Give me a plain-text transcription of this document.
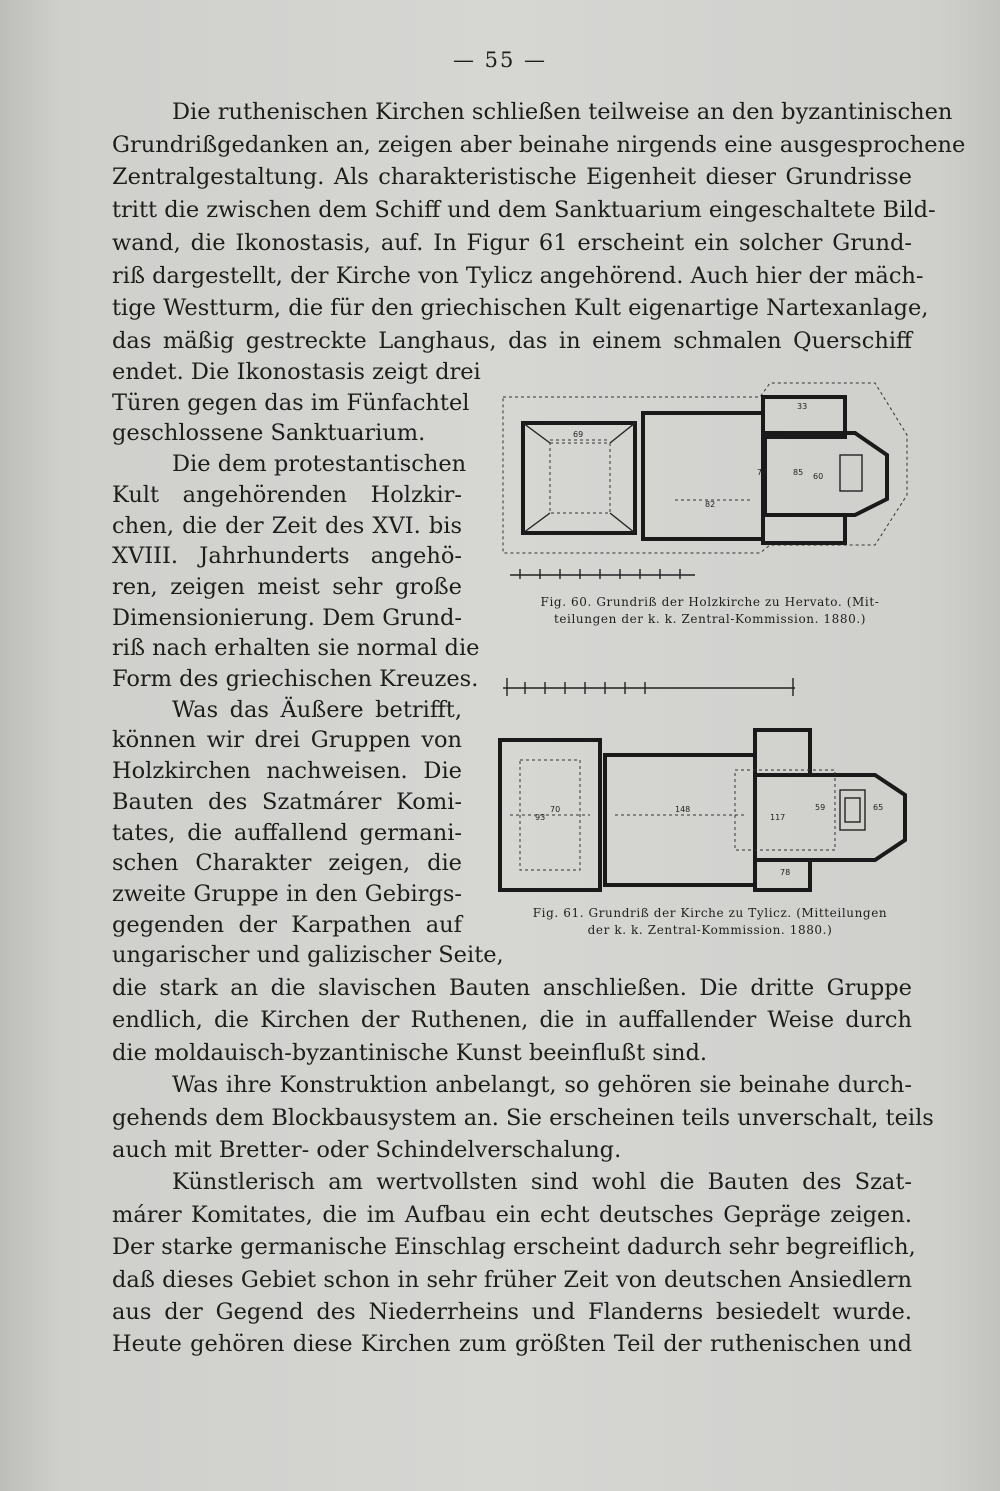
— 55 —
Die ruthenischen Kirchen schließen teilweise an den byzantinischen
Grundrißgedanken an, zeigen aber beinahe nirgends eine ausgesprochene
Zentralgestaltung. Als charakteristische Eigenheit dieser Grundrisse
tritt die zwischen dem Schiff und dem Sanktuarium eingeschaltete Bild-
wand, die Ikonostasis, auf. In Figur 61 erscheint ein solcher Grund-
riß dargestellt, der Kirche von Tylicz angehörend. Auch hier der mäch-
tige Westturm, die für den griechischen Kult eigenartige Nartexanlage,
das mäßig gestreckte Langhaus, das in einem schmalen Querschiff
endet. Die Ikonostasis zeigt drei
Türen gegen das im Fünfachtel
geschlossene Sanktuarium.
Die dem protestantischen
Kult angehörenden Holzkir-
chen, die der Zeit des XVI. bis
XVIII. Jahrhunderts angehö-
ren, zeigen meist sehr große
Dimensionierung. Dem Grund-
riß nach erhalten sie normal die
Form des griechischen Kreuzes.
Was das Äußere betrifft,
können wir drei Gruppen von
Holzkirchen nachweisen. Die
Bauten des Szatmárer Komi-
tates, die auffallend germani-
schen Charakter zeigen, die
zweite Gruppe in den Gebirgs-
gegenden der Karpathen auf
ungarischer und galizischer Seite,
die stark an die slavischen Bauten anschließen. Die dritte Gruppe
endlich, die Kirchen der Ruthenen, die in auffallender Weise durch
die moldauisch-byzantinische Kunst beeinflußt sind.
Was ihre Konstruktion anbelangt, so gehören sie beinahe durch-
gehends dem Blockbausystem an. Sie erscheinen teils unverschalt, teils
auch mit Bretter- oder Schindelverschalung.
Künstlerisch am wertvollsten sind wohl die Bauten des Szat-
márer Komitates, die im Aufbau ein echt deutsches Gepräge zeigen.
Der starke germanische Einschlag erscheint dadurch sehr begreiflich,
daß dieses Gebiet schon in sehr früher Zeit von deutschen Ansiedlern
aus der Gegend des Niederrheins und Flanderns besiedelt wurde.
Heute gehören diese Kirchen zum größten Teil der ruthenischen und
69
82
33
60
73	85
Fig. 60. Grundriß der Holzkirche zu Hervato. (Mit-
teilungen der k. k. Zentral-Kommission. 1880.)
70	148	65
78
93
59
117
Fig. 61. Grundriß der Kirche zu Tylicz. (Mitteilungen
der k. k. Zentral-Kommission. 1880.)
